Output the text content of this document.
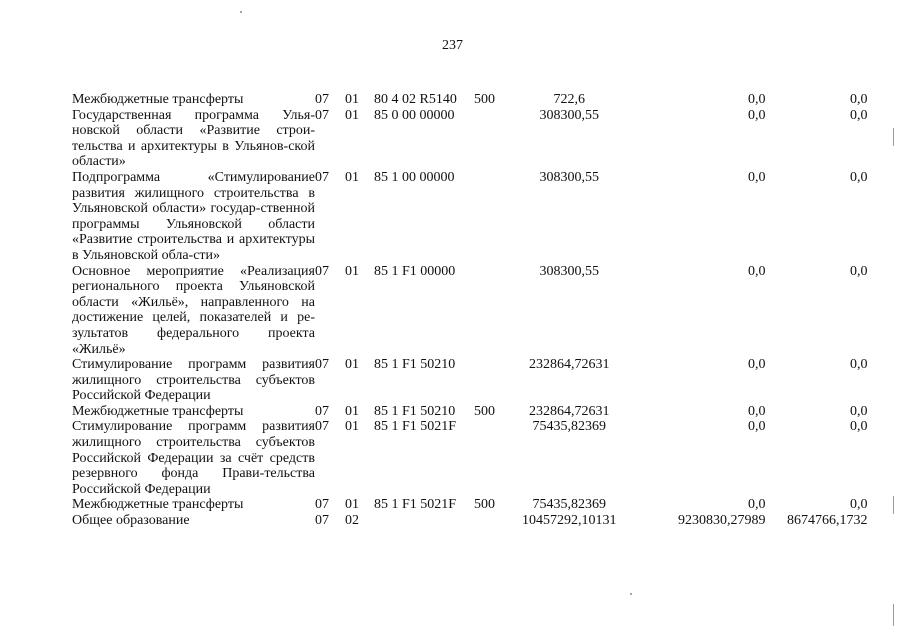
237
Межбюджетные трансферты	07	01	80 4 02 R5140	500	722,6	0,0	0,0
Государственная программа Улья-новской области «Развитие строи-тельства и архитектуры в Ульянов-ской области»	07	01	85 0 00 00000		308300,55	0,0	0,0
Подпрограмма «Стимулирование развития жилищного строительства в Ульяновской области» государ-ственной программы Ульяновской области «Развитие строительства и архитектуры в Ульяновской обла-сти»	07	01	85 1 00 00000		308300,55	0,0	0,0
Основное мероприятие «Реализация регионального проекта Ульяновской области «Жильё», направленного на достижение целей, показателей и ре-зультатов федерального проекта «Жильё»	07	01	85 1 F1 00000		308300,55	0,0	0,0
Стимулирование программ развития жилищного строительства субъектов Российской Федерации	07	01	85 1 F1 50210		232864,72631	0,0	0,0
Межбюджетные трансферты	07	01	85 1 F1 50210	500	232864,72631	0,0	0,0
Стимулирование программ развития жилищного строительства субъектов Российской Федерации за счёт средств резервного фонда Прави-тельства Российской Федерации	07	01	85 1 F1 5021F		75435,82369	0,0	0,0
Межбюджетные трансферты	07	01	85 1 F1 5021F	500	75435,82369	0,0	0,0
Общее образование	07	02			10457292,10131	9230830,27989	8674766,1732
